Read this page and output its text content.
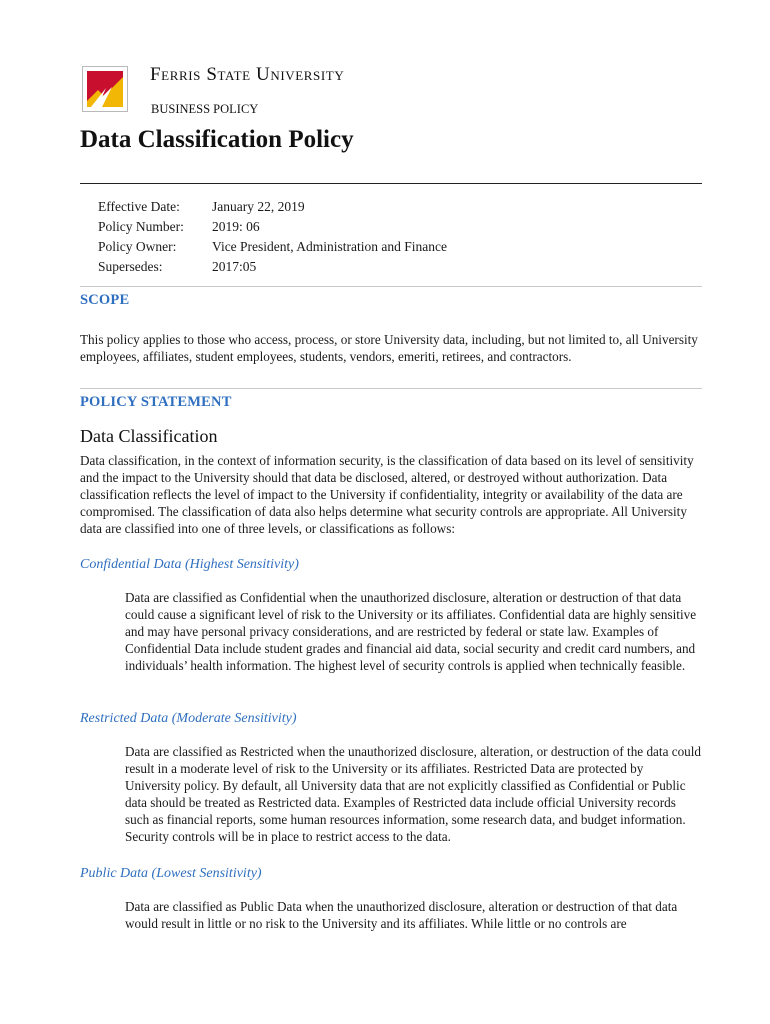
Ferris State University
BUSINESS POLICY
Data Classification Policy
Effective Date: January 22, 2019
Policy Number: 2019: 06
Policy Owner:	Vice President, Administration and Finance
Supersedes:	2017:05
SCOPE
This policy applies to those who access, process, or store University data, including, but not limited to, all University employees, affiliates, student employees, students, vendors, emeriti, retirees, and contractors.
POLICY STATEMENT
Data Classification
Data classification, in the context of information security, is the classification of data based on its level of sensitivity and the impact to the University should that data be disclosed, altered, or destroyed without authorization. Data classification reflects the level of impact to the University if confidentiality, integrity or availability of the data are compromised. The classification of data also helps determine what security controls are appropriate. All University data are classified into one of three levels, or classifications as follows:
Confidential Data (Highest Sensitivity)
Data are classified as Confidential when the unauthorized disclosure, alteration or destruction of that data could cause a significant level of risk to the University or its affiliates. Confidential data are highly sensitive and may have personal privacy considerations, and are restricted by federal or state law. Examples of Confidential Data include student grades and financial aid data, social security and credit card numbers, and individuals’ health information. The highest level of security controls is applied when technically feasible.
Restricted Data (Moderate Sensitivity)
Data are classified as Restricted when the unauthorized disclosure, alteration, or destruction of the data could result in a moderate level of risk to the University or its affiliates. Restricted Data are protected by University policy. By default, all University data that are not explicitly classified as Confidential or Public data should be treated as Restricted data. Examples of Restricted data include official University records such as financial reports, some human resources information, some research data, and budget information. Security controls will be in place to restrict access to the data.
Public Data (Lowest Sensitivity)
Data are classified as Public Data when the unauthorized disclosure, alteration or destruction of that data would result in little or no risk to the University and its affiliates. While little or no controls are
